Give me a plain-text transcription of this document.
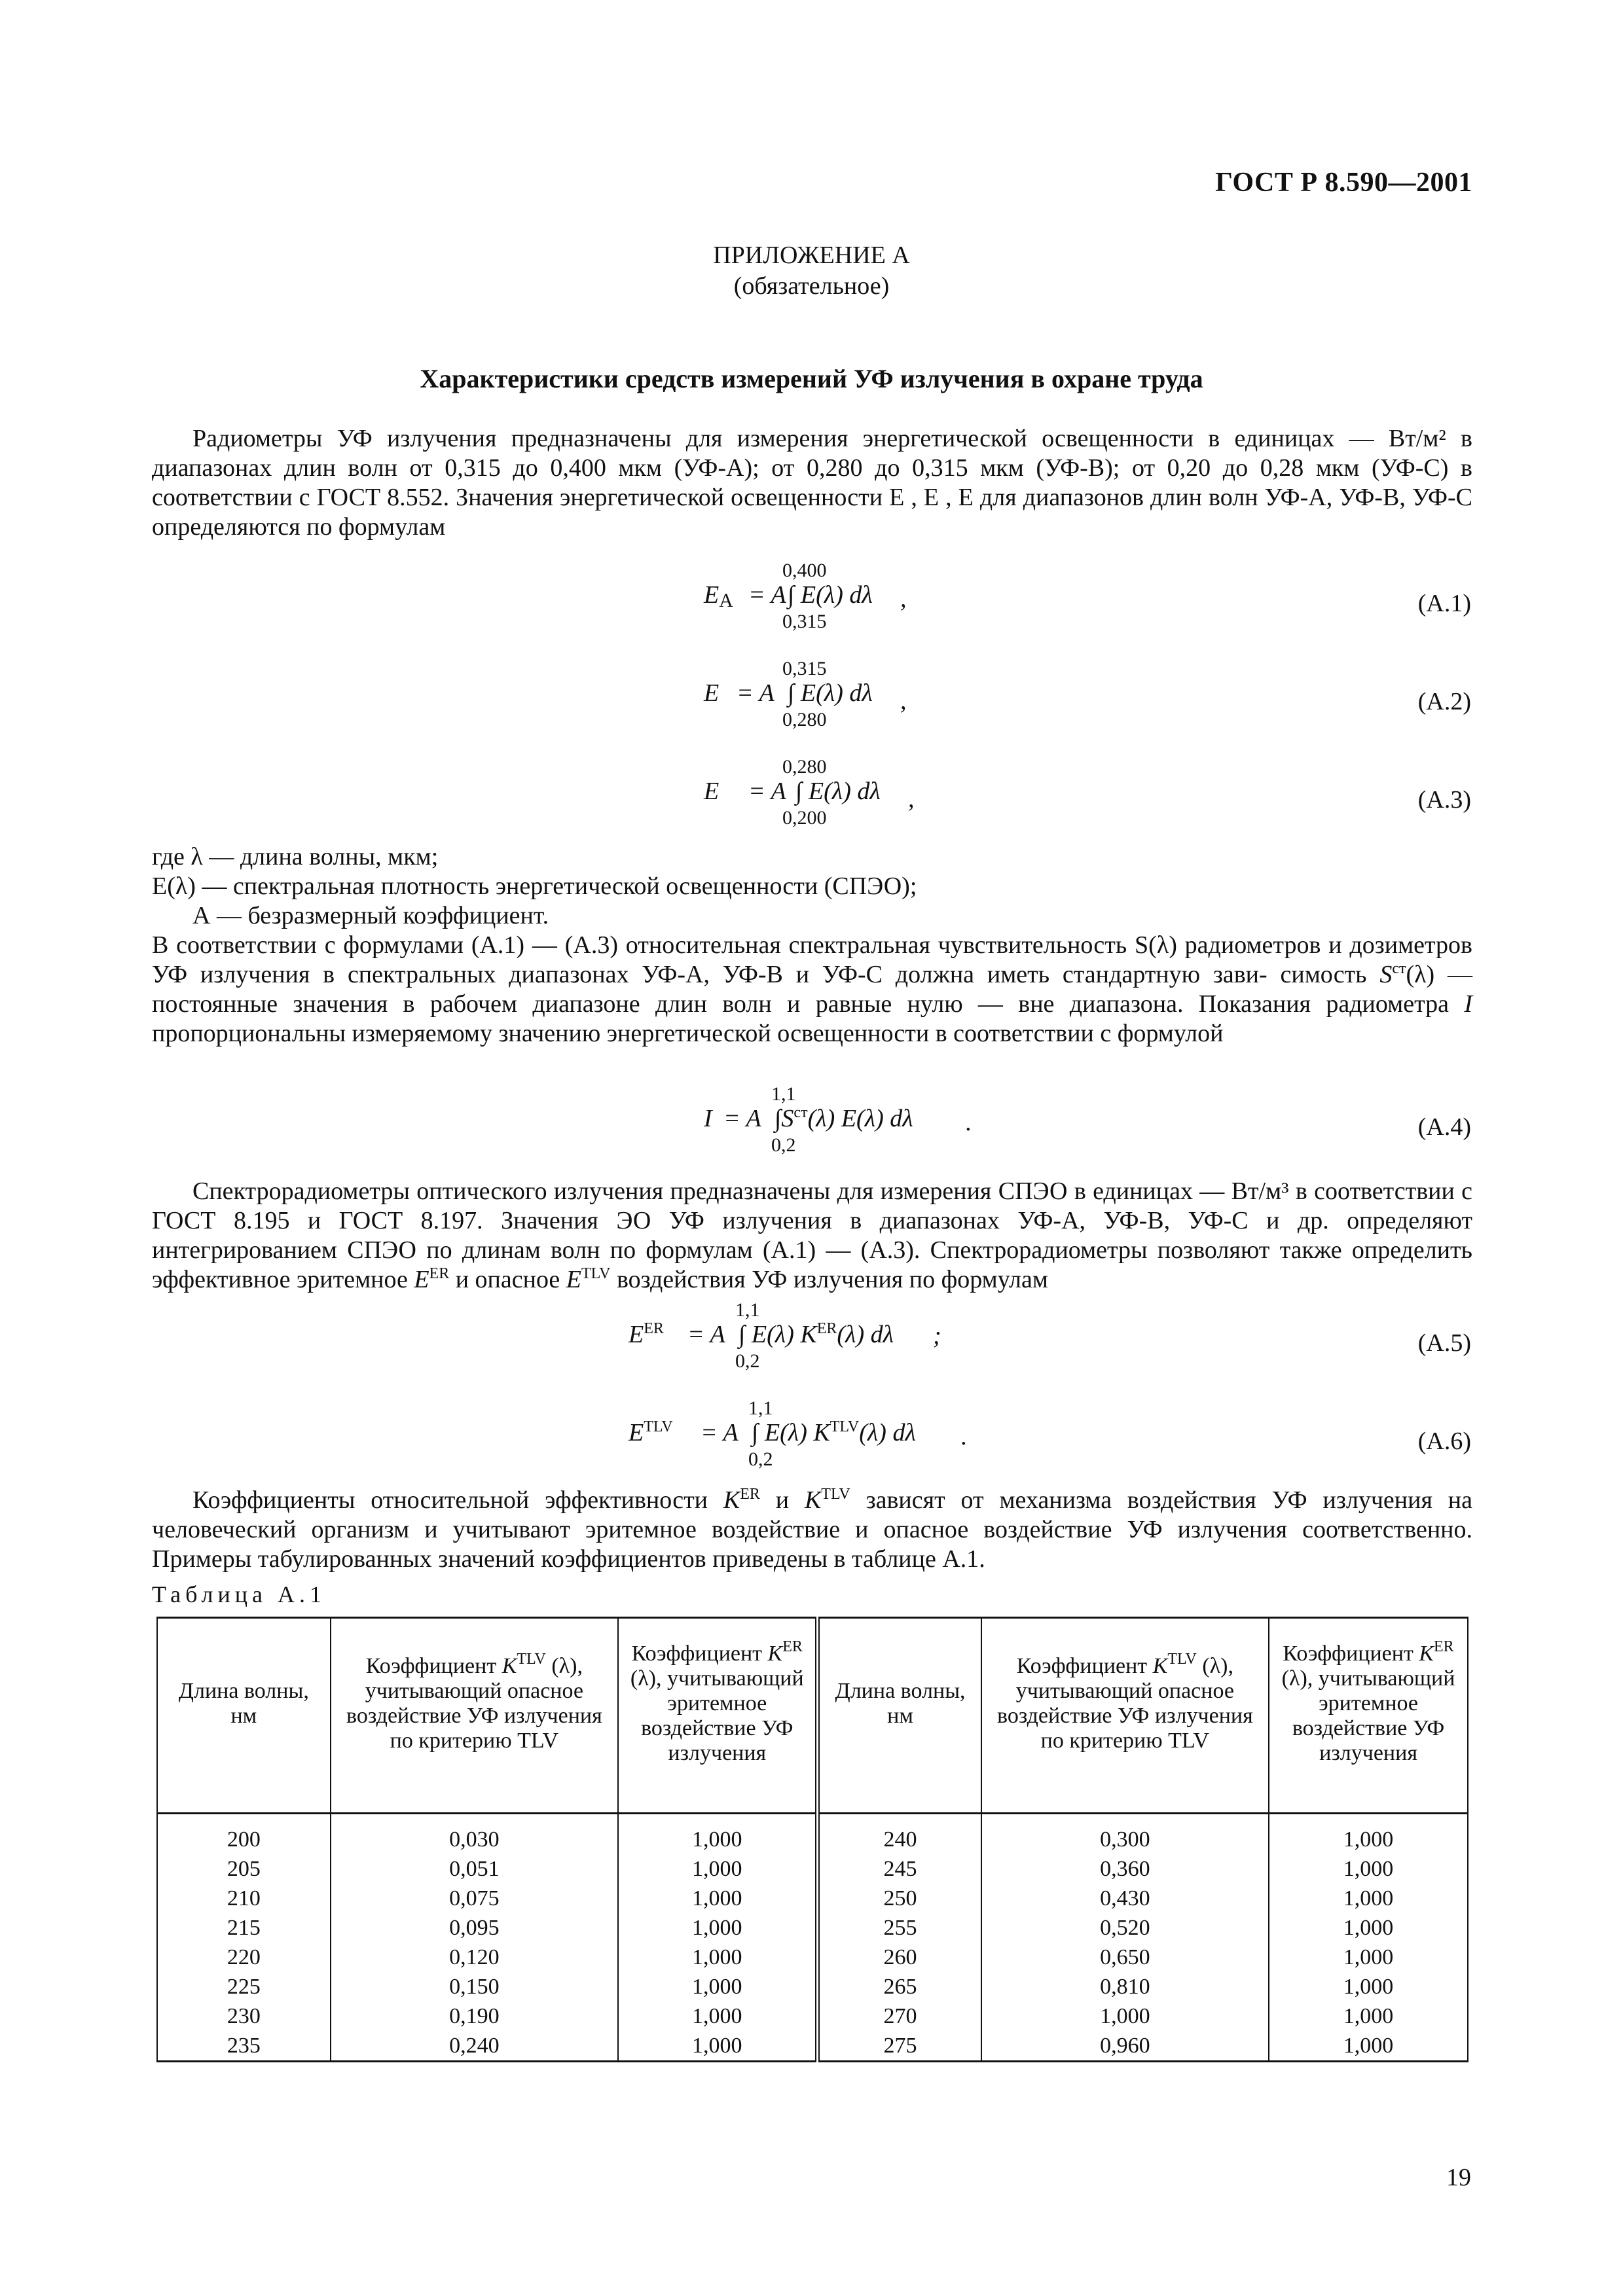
ГОСТ Р 8.590—2001
ПРИЛОЖЕНИЕ А
(обязательное)
Характеристики средств измерений УФ излучения в охране труда

Радиометры УФ излучения предназначены для измерения энергетической освещенности в единицах — Вт/м² в диапазонах длин волн от 0,315 до 0,400 мкм (УФ-А); от 0,280 до 0,315 мкм (УФ-В); от 0,20 до 0,28 мкм (УФ-С) в соответствии с ГОСТ 8.552. Значения энергетической освещенности E , E , E для диапазонов длин волн УФ-А, УФ-В, УФ-С определяются по формулам

0,400
EA = A ∫ E(λ) dλ ,
0,315
(А.1)
0,315
E = A ∫ E(λ) dλ ,
0,280
(А.2)
0,280
E = A ∫ E(λ) dλ ,
0,200
(А.3)

где λ — длина волны, мкм;

E(λ) — спектральная плотность энергетической освещенности (СПЭО);

А — безразмерный коэффициент.

В соответствии с формулами (А.1) — (А.3) относительная спектральная чувствительность S(λ) радиометров и дозиметров УФ излучения в спектральных диапазонах УФ-А, УФ-В и УФ-С должна иметь стандартную зави- симость $S^{ст}(\lambda)$ — постоянные значения в рабочем диапазоне длин волн и равные нулю — вне диапазона. Показания радиометра I пропорциональны измеряемому значению энергетической освещенности в соответствии с формулой

1,1
I = A $\int S^{ст}(\lambda)$ E(λ) dλ .
0,2
(А.4)

Спектрорадиометры оптического излучения предназначены для измерения СПЭО в единицах — Вт/м³ в соответствии с ГОСТ 8.195 и ГОСТ 8.197. Значения ЭО УФ излучения в диапазонах УФ-А, УФ-В, УФ-С и др. определяют интегрированием СПЭО по длинам волн по формулам (А.1) — (А.3). Спектрорадиометры позволяют также определить эффективное эритемное $E^{ER}$ и опасное $E^{TLV}$ воздействия УФ излучения по формулам

1,1
$E^{ER} = A$ ∫ E(λ) $K^{ER}(\lambda)$ dλ ;
0,2
(А.5)
1,1
$E^{TLV} = A$ ∫ E(λ) $K^{TLV}(\lambda)$ dλ .
0,2
(А.6)

Коэффициенты относительной эффективности $K^{ER}$ и $K^{TLV}$ зависят от механизма воздействия УФ излучения на человеческий организм и учитывают эритемное воздействие и опасное воздействие УФ излучения соответственно. Примеры табулированных значений коэффициентов приведены в таблице А.1.

Таблица А.1
Длина волны, нм	Коэффициент $K^{TLV}$ (λ), учитывающий опасное воздействие УФ излучения по критерию TLV	Коэффициент $K^{ER}$ (λ), учитывающий эритемное воздействие УФ излучения	Длина волны, нм	Коэффициент $K^{TLV}$ (λ), учитывающий опасное воздействие УФ излучения по критерию TLV	Коэффициент $K^{ER}$ (λ), учитывающий эритемное воздействие УФ излучения
200	0,030	1,000	240	0,300	1,000
205	0,051	1,000	245	0,360	1,000
210	0,075	1,000	250	0,430	1,000
215	0,095	1,000	255	0,520	1,000
220	0,120	1,000	260	0,650	1,000
225	0,150	1,000	265	0,810	1,000
230	0,190	1,000	270	1,000	1,000
235	0,240	1,000	275	0,960	1,000
19
